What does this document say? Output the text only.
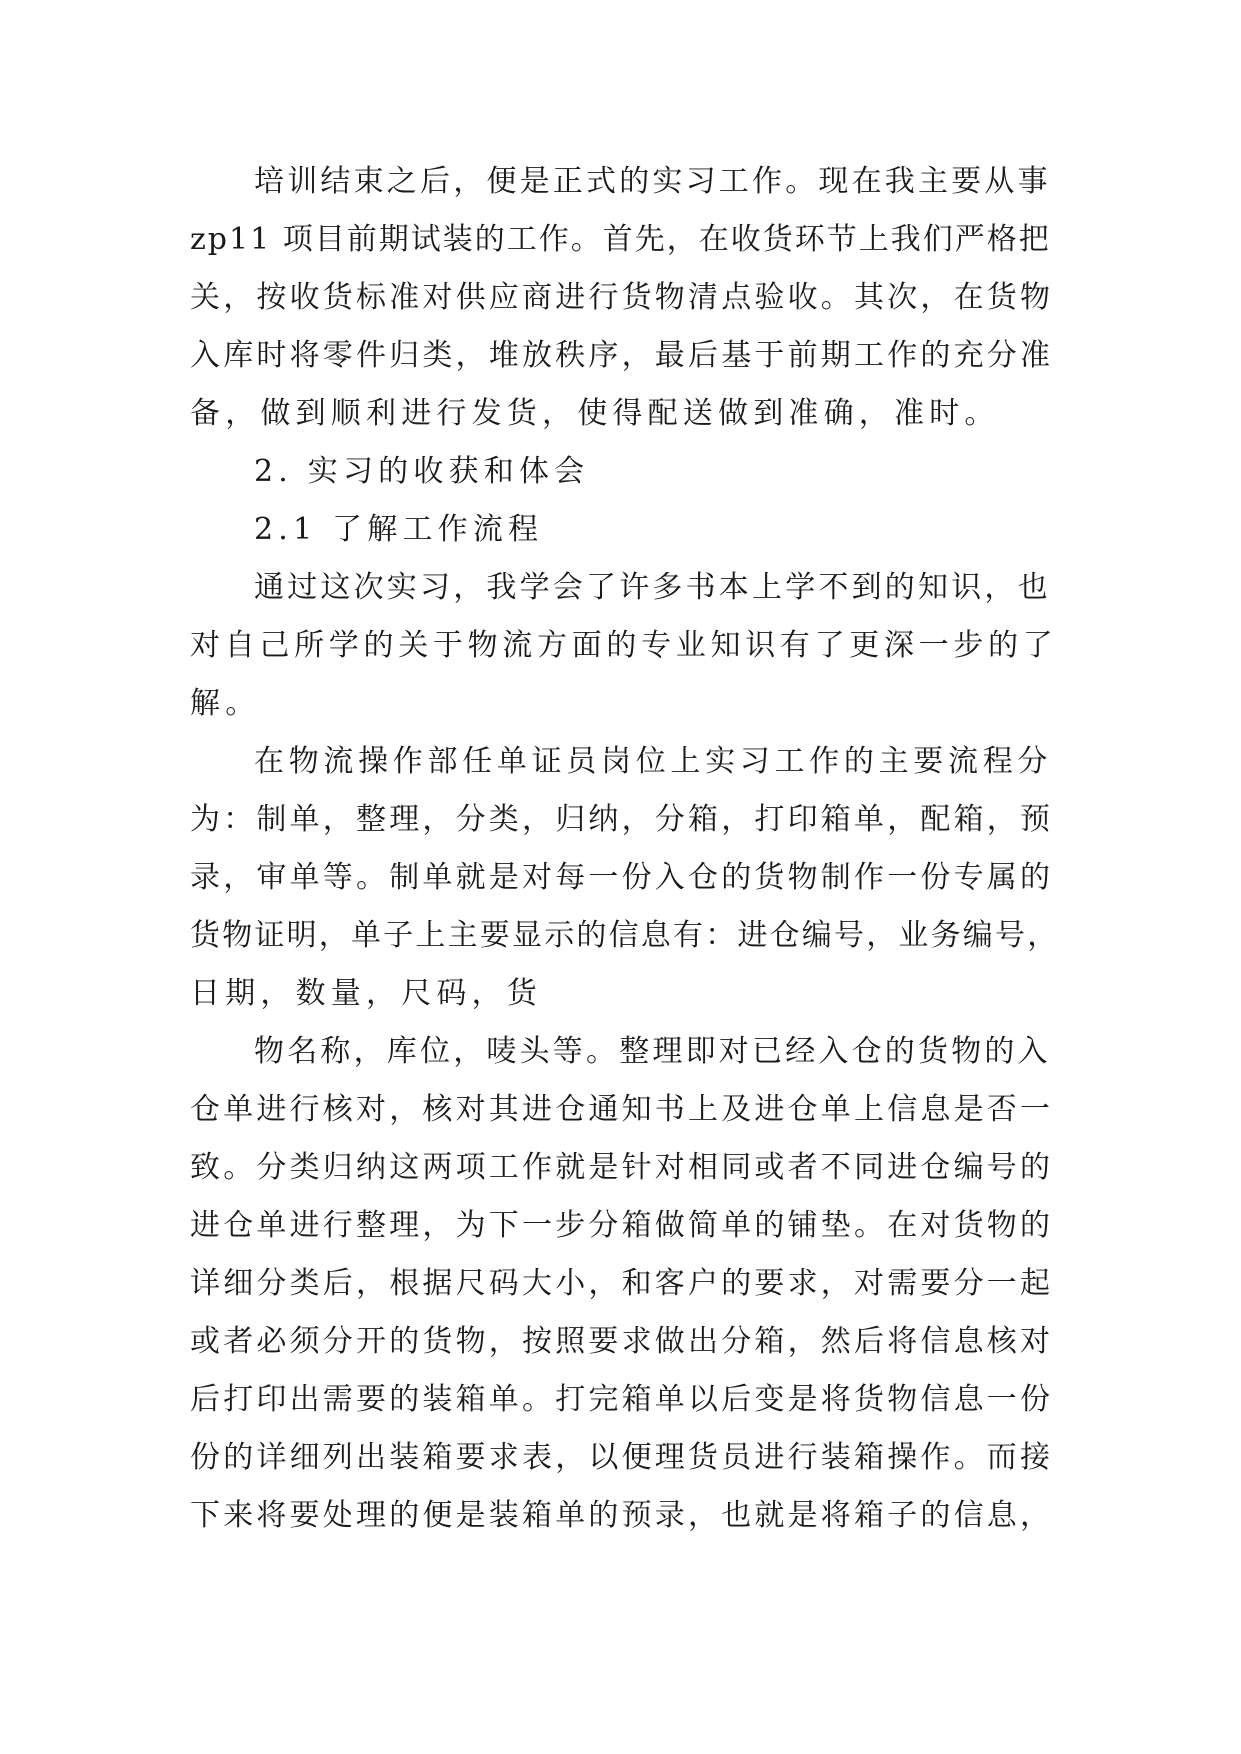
培训结束之后，便是正式的实习工作。现在我主要从事
zp11 项目前期试装的工作。首先，在收货环节上我们严格把
关，按收货标准对供应商进行货物清点验收。其次，在货物
入库时将零件归类，堆放秩序，最后基于前期工作的充分准
备，做到顺利进行发货，使得配送做到准确，准时。
2. 实习的收获和体会
2.1 了解工作流程
通过这次实习，我学会了许多书本上学不到的知识，也
对自己所学的关于物流方面的专业知识有了更深一步的了
解。
在物流操作部任单证员岗位上实习工作的主要流程分
为：制单，整理，分类，归纳，分箱，打印箱单，配箱，预
录，审单等。制单就是对每一份入仓的货物制作一份专属的
货物证明，单子上主要显示的信息有：进仓编号，业务编号，
日期，数量，尺码，货
物名称，库位，唛头等。整理即对已经入仓的货物的入
仓单进行核对，核对其进仓通知书上及进仓单上信息是否一
致。分类归纳这两项工作就是针对相同或者不同进仓编号的
进仓单进行整理，为下一步分箱做简单的铺垫。在对货物的
详细分类后，根据尺码大小，和客户的要求，对需要分一起
或者必须分开的货物，按照要求做出分箱，然后将信息核对
后打印出需要的装箱单。打完箱单以后变是将货物信息一份
份的详细列出装箱要求表，以便理货员进行装箱操作。而接
下来将要处理的便是装箱单的预录，也就是将箱子的信息，
